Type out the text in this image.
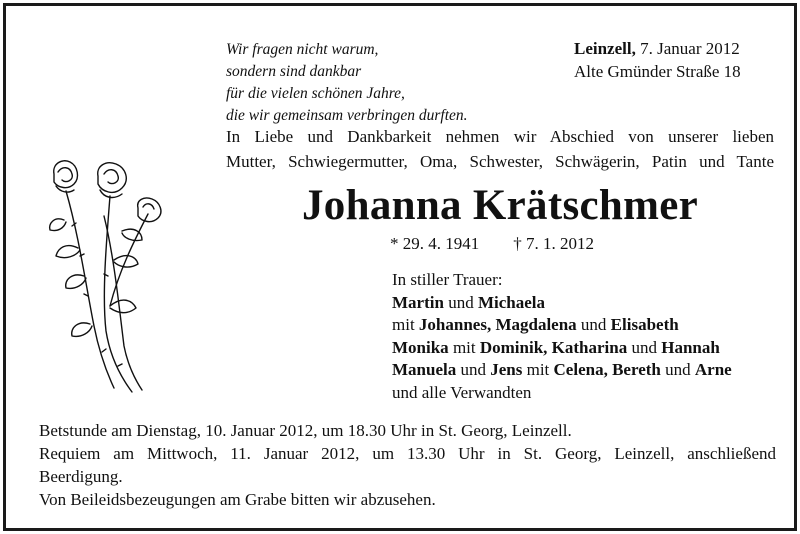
Wir fragen nicht warum,
sondern sind dankbar
für die vielen schönen Jahre,
die wir gemeinsam verbringen durften.
Leinzell, 7. Januar 2012
Alte Gmünder Straße 18
In Liebe und Dankbarkeit nehmen wir Abschied von unserer lieben
Mutter, Schwiegermutter, Oma, Schwester, Schwägerin, Patin und Tante
Johanna Krätschmer
* 29. 4. 1941 † 7. 1. 2012
In stiller Trauer:
Martin und Michaela
mit Johannes, Magdalena und Elisabeth
Monika mit Dominik, Katharina und Hannah
Manuela und Jens mit Celena, Bereth und Arne
und alle Verwandten
Betstunde am Dienstag, 10. Januar 2012, um 18.30 Uhr in St. Georg, Leinzell.
Requiem am Mittwoch, 11. Januar 2012, um 13.30 Uhr in St. Georg, Leinzell, anschließend
Beerdigung.
Von Beileidsbezeugungen am Grabe bitten wir abzusehen.
